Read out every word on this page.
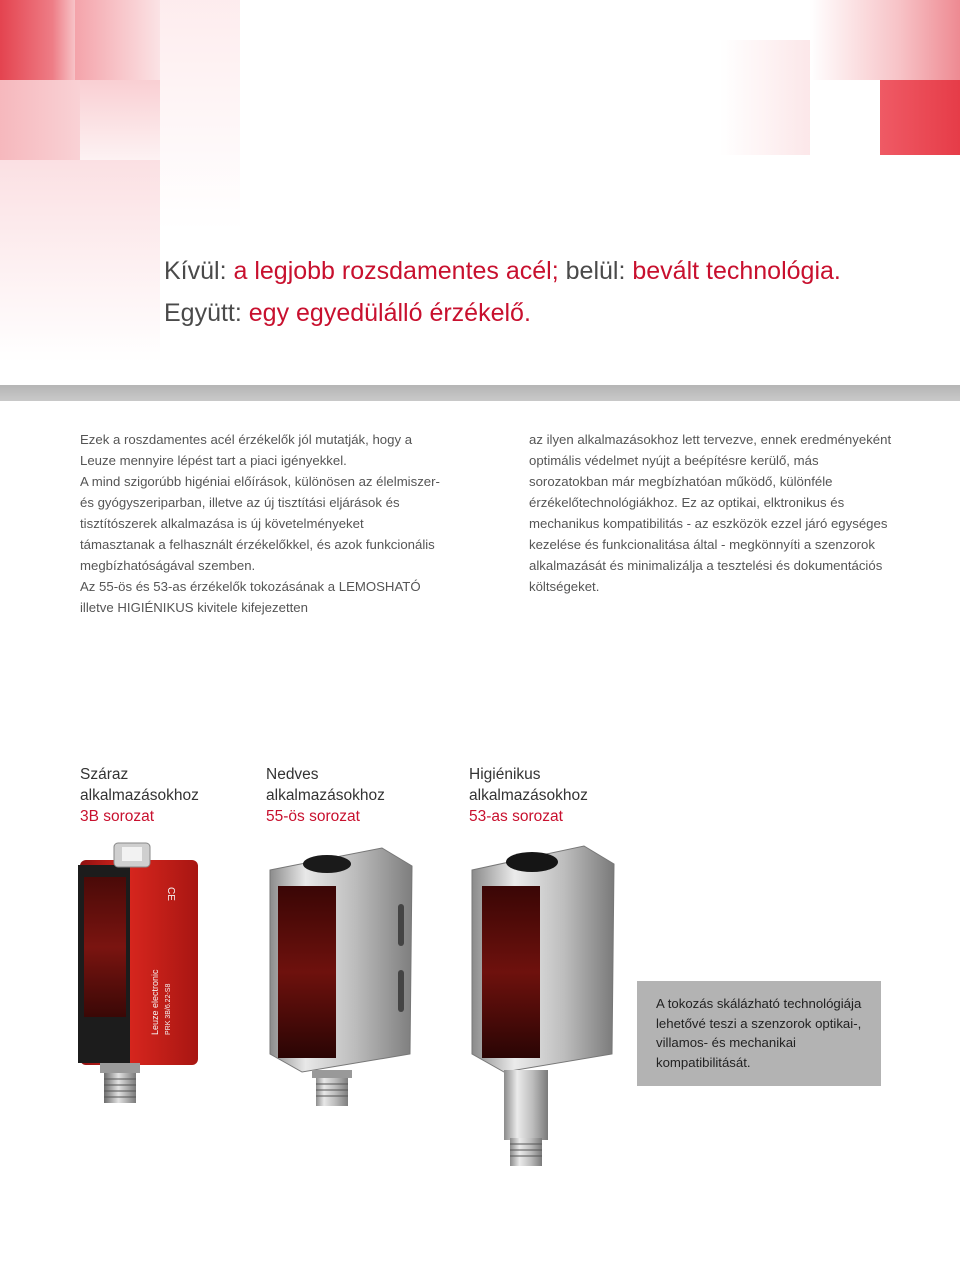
Kívül: a legjobb rozsdamentes acél; belül: bevált technológia.
Együtt: egy egyedülálló érzékelő.

Ezek a roszdamentes acél érzékelők jól mutatják, hogy a Leuze mennyire lépést tart a piaci igényekkel.

A mind szigorúbb higéniai előírások, különösen az élelmiszer- és gyógyszeriparban, illetve az új tisztítási eljárások és tisztítószerek alkalmazása is új követelményeket támasztanak a felhasznált érzékelőkkel, és azok funkcionális megbízhatóságával szemben.

Az 55-ös és 53-as érzékelők tokozásának a LEMOSHATÓ illetve HIGIÉNIKUS kivitele kifejezetten

az ilyen alkalmazásokhoz lett tervezve, ennek eredményeként optimális védelmet nyújt a beépítésre kerülő, más sorozatokban már megbízhatóan működő, különféle érzékelőtechnológiákhoz. Ez az optikai, elktronikus és mechanikus kompatibilitás - az eszközök ezzel járó egységes kezelése és funkcionalitása által - megkönnyíti a szenzorok alkalmazását és minimalizálja a tesztelési és dokumentációs költségeket.

Száraz
alkalmazásokhoz
3B sorozat
Nedves
alkalmazásokhoz
55-ös sorozat
Higiénikus
alkalmazásokhoz
53-as sorozat
CE
Leuze electronic PRK 3B/6.22-S8	A tokozás skálázható technológiája lehetővé teszi a szenzorok optikai-, villamos- és mechanikai kompatibilitását.
